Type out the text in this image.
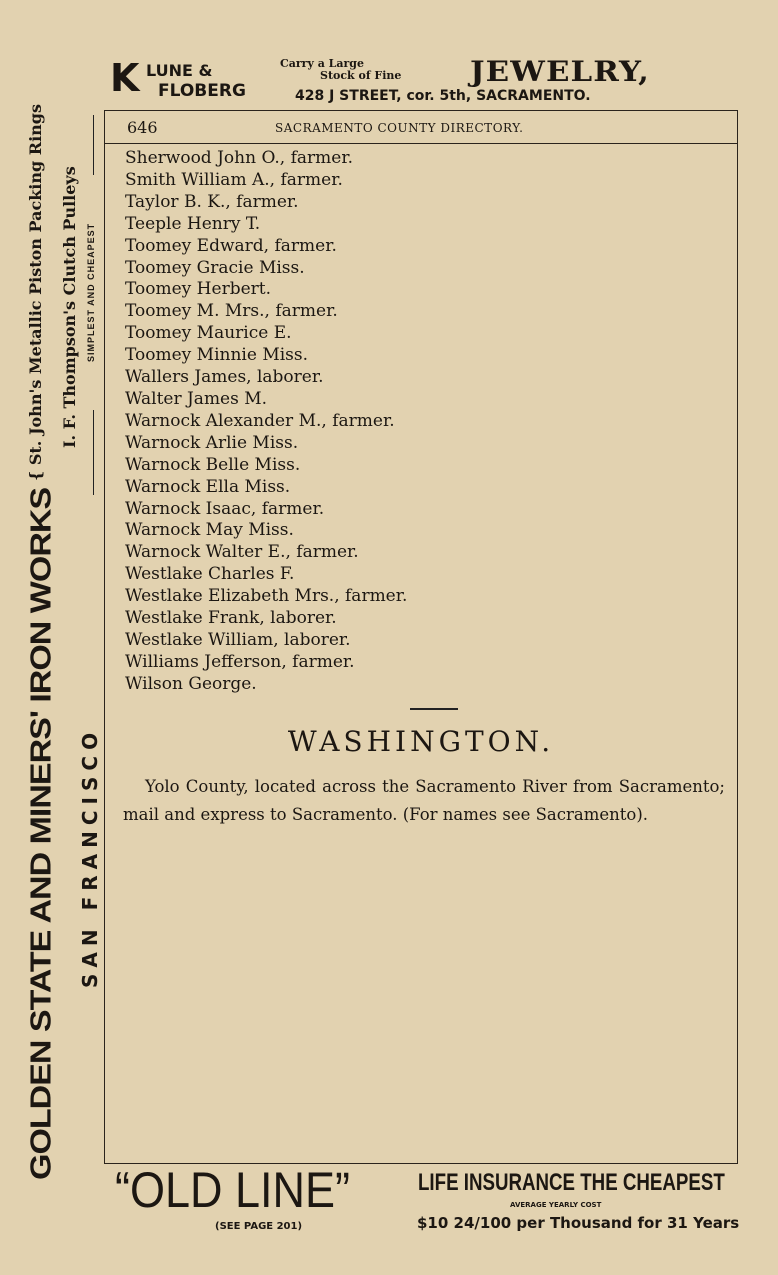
GOLDEN STATE AND MINERS' IRON WORKS
{ St. John's Metallic Piston Packing Rings I. F. Thompson's Clutch Pulleys SIMPLEST AND CHEAPEST
SAN FRANCISCO
K LUNE &
FLOBERG
Carry a Large
Stock of Fine JEWELRY,
428 J STREET, cor. 5th, SACRAMENTO.
646	SACRAMENTO COUNTY DIRECTORY.
Sherwood John O., farmer.
Smith William A., farmer.
Taylor B. K., farmer.
Teeple Henry T.
Toomey Edward, farmer.
Toomey Gracie Miss.
Toomey Herbert.
Toomey M. Mrs., farmer.
Toomey Maurice E.
Toomey Minnie Miss.
Wallers James, laborer.
Walter James M.
Warnock Alexander M., farmer.
Warnock Arlie Miss.
Warnock Belle Miss.
Warnock Ella Miss.
Warnock Isaac, farmer.
Warnock May Miss.
Warnock Walter E., farmer.
Westlake Charles F.
Westlake Elizabeth Mrs., farmer.
Westlake Frank, laborer.
Westlake William, laborer.
Williams Jefferson, farmer.
Wilson George.
WASHINGTON.
Yolo County, located across the Sacramento River from Sacramento; mail and express to Sacramento. (For names see Sacramento).
“OLD LINE”
(SEE PAGE 201)
LIFE INSURANCE THE CHEAPEST
AVERAGE YEARLY COST
$10 24/100 per Thousand for 31 Years
